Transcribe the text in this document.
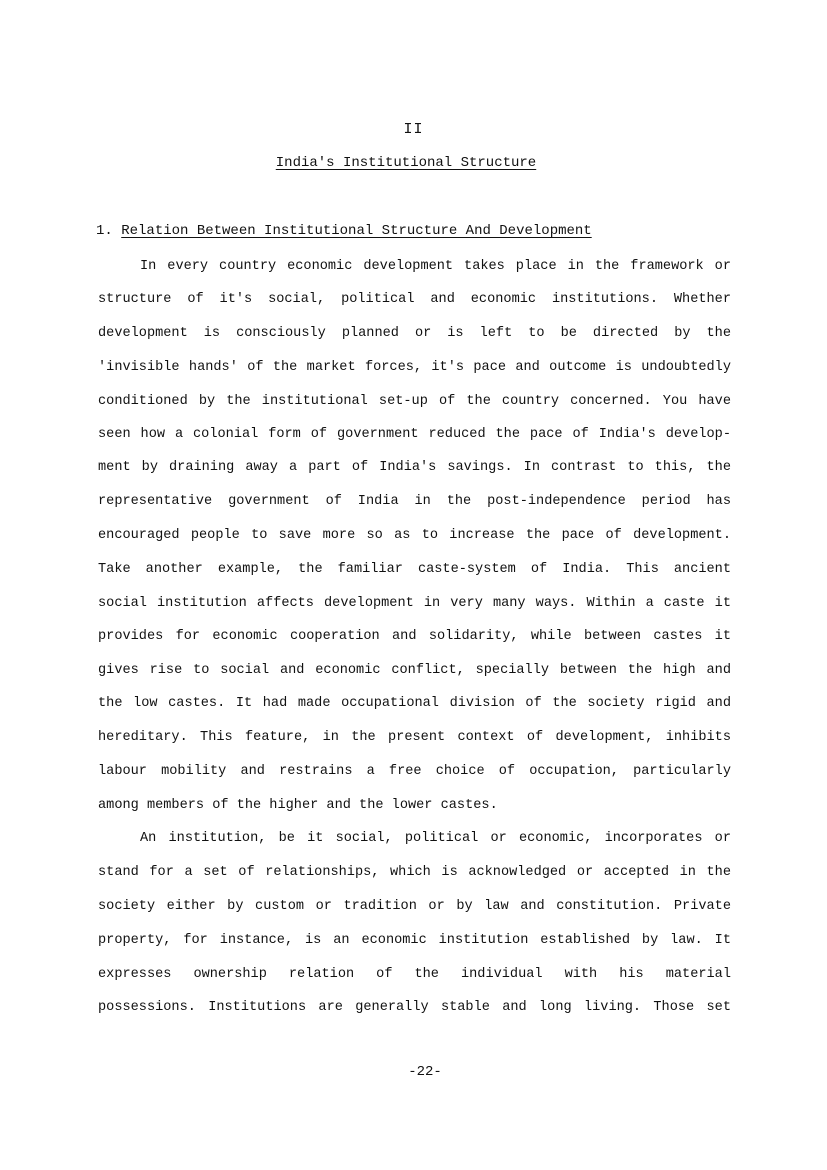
II
India's Institutional Structure
1. Relation Between Institutional Structure And Development
In every country economic development takes place in the framework or
structure of it's social, political and economic institutions. Whether
development is consciously planned or is left to be directed by the
'invisible hands' of the market forces, it's pace and outcome is undoubtedly
conditioned by the institutional set-up of the country concerned. You have
seen how a colonial form of government reduced the pace of India's develop-
ment by draining away a part of India's savings. In contrast to this, the
representative government of India in the post-independence period has
encouraged people to save more so as to increase the pace of development.
Take another example, the familiar caste-system of India. This ancient
social institution affects development in very many ways. Within a caste it
provides for economic cooperation and solidarity, while between castes it
gives rise to social and economic conflict, specially between the high and
the low castes. It had made occupational division of the society rigid and
hereditary. This feature, in the present context of development, inhibits
labour mobility and restrains a free choice of occupation, particularly
among members of the higher and the lower castes.
An institution, be it social, political or economic, incorporates or
stand for a set of relationships, which is acknowledged or accepted in the
society either by custom or tradition or by law and constitution. Private
property, for instance, is an economic institution established by law. It
expresses ownership relation of the individual with his material
possessions. Institutions are generally stable and long living. Those set
-22-
